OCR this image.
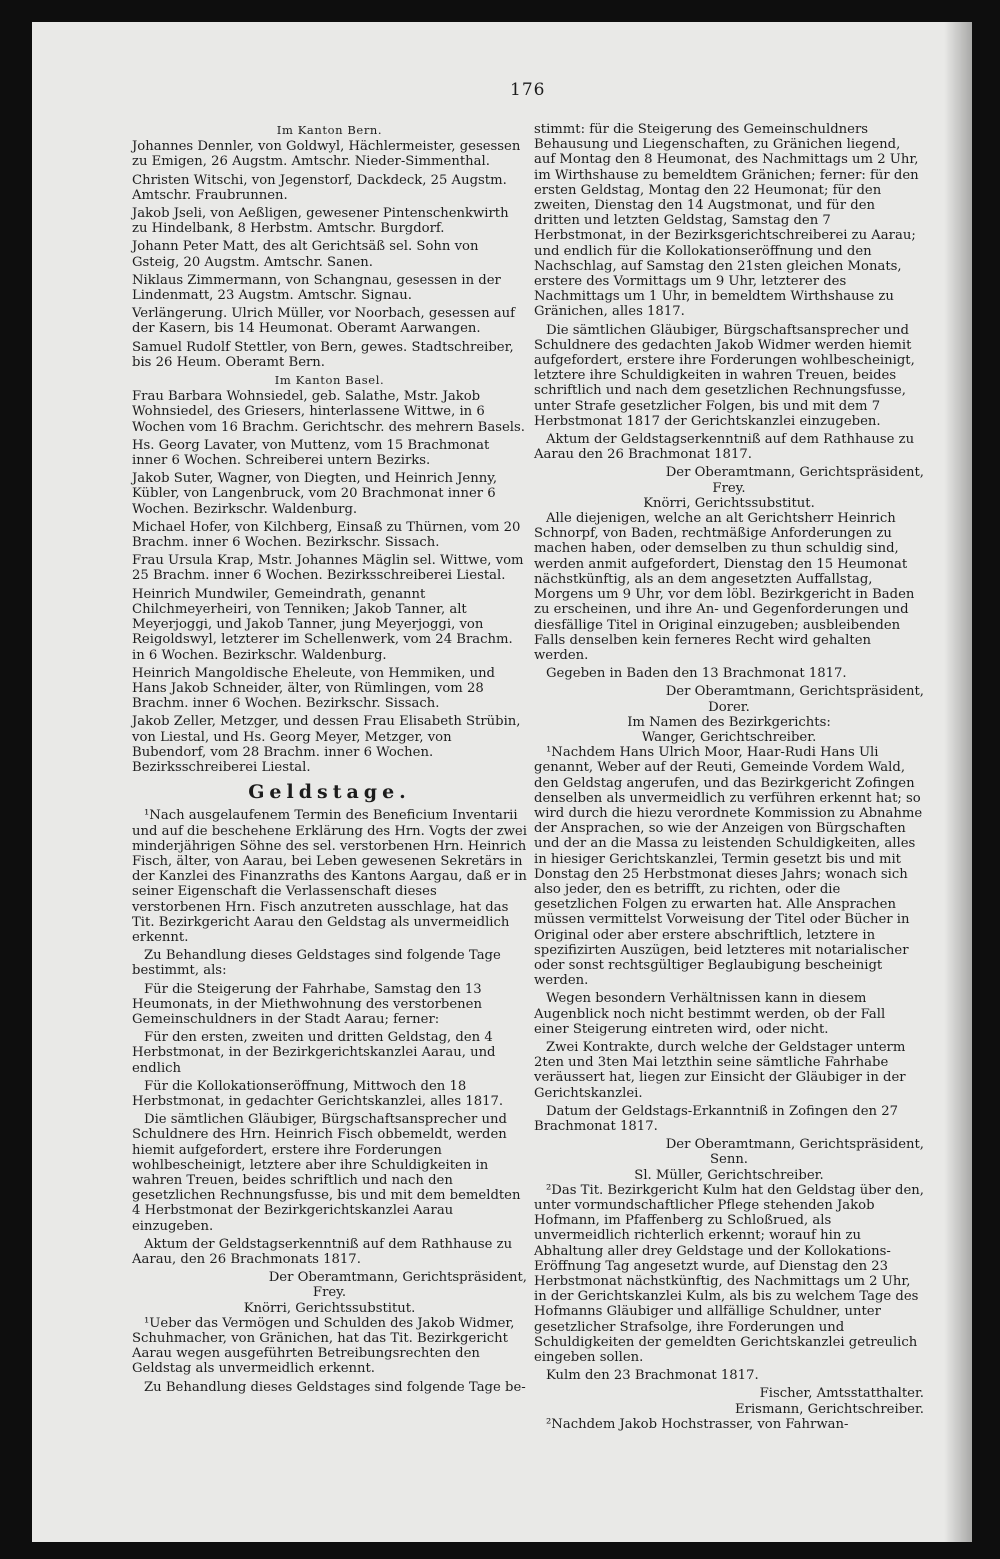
176
Im Kanton Bern.
Johannes Dennler, von Goldwyl, Hächlermeister, gesessen zu Emigen, 26 Augstm. Amtschr. Nieder-Simmenthal.
Christen Witschi, von Jegenstorf, Dackdeck, 25 Augstm. Amtschr. Fraubrunnen.
Jakob Jseli, von Aeßligen, gewesener Pintenschenkwirth zu Hindelbank, 8 Herbstm. Amtschr. Burgdorf.
Johann Peter Matt, des alt Gerichtsäß sel. Sohn von Gsteig, 20 Augstm. Amtschr. Sanen.
Niklaus Zimmermann, von Schangnau, gesessen in der Lindenmatt, 23 Augstm. Amtschr. Signau.
Verlängerung. Ulrich Müller, vor Noorbach, gesessen auf der Kasern, bis 14 Heumonat. Oberamt Aarwangen.
Samuel Rudolf Stettler, von Bern, gewes. Stadtschreiber, bis 26 Heum. Oberamt Bern.
Im Kanton Basel.
Frau Barbara Wohnsiedel, geb. Salathe, Mstr. Jakob Wohnsiedel, des Griesers, hinterlassene Wittwe, in 6 Wochen vom 16 Brachm. Gerichtschr. des mehrern Basels.
Hs. Georg Lavater, von Muttenz, vom 15 Brachmonat inner 6 Wochen. Schreiberei untern Bezirks.
Jakob Suter, Wagner, von Diegten, und Heinrich Jenny, Kübler, von Langenbruck, vom 20 Brachmonat inner 6 Wochen. Bezirkschr. Waldenburg.
Michael Hofer, von Kilchberg, Einsaß zu Thürnen, vom 20 Brachm. inner 6 Wochen. Bezirkschr. Sissach.
Frau Ursula Krap, Mstr. Johannes Mäglin sel. Wittwe, vom 25 Brachm. inner 6 Wochen. Bezirksschreiberei Liestal.
Heinrich Mundwiler, Gemeindrath, genannt Chilchmeyerheiri, von Tenniken; Jakob Tanner, alt Meyerjoggi, und Jakob Tanner, jung Meyerjoggi, von Reigoldswyl, letzterer im Schellenwerk, vom 24 Brachm. in 6 Wochen. Bezirkschr. Waldenburg.
Heinrich Mangoldische Eheleute, von Hemmiken, und Hans Jakob Schneider, älter, von Rümlingen, vom 28 Brachm. inner 6 Wochen. Bezirkschr. Sissach.
Jakob Zeller, Metzger, und dessen Frau Elisabeth Strübin, von Liestal, und Hs. Georg Meyer, Metzger, von Bubendorf, vom 28 Brachm. inner 6 Wochen. Bezirksschreiberei Liestal.
Geldstage.

¹Nach ausgelaufenem Termin des Beneficium Inventarii und auf die beschehene Erklärung des Hrn. Vogts der zwei minderjährigen Söhne des sel. verstorbenen Hrn. Heinrich Fisch, älter, von Aarau, bei Leben gewesenen Sekretärs in der Kanzlei des Finanzraths des Kantons Aargau, daß er in seiner Eigenschaft die Verlassenschaft dieses verstorbenen Hrn. Fisch anzutreten ausschlage, hat das Tit. Bezirkgericht Aarau den Geldstag als unvermeidlich erkennt.

Zu Behandlung dieses Geldstages sind folgende Tage bestimmt, als:

Für die Steigerung der Fahrhabe, Samstag den 13 Heumonats, in der Miethwohnung des verstorbenen Gemeinschuldners in der Stadt Aarau; ferner:

Für den ersten, zweiten und dritten Geldstag, den 4 Herbstmonat, in der Bezirkgerichtskanzlei Aarau, und endlich

Für die Kollokationseröffnung, Mittwoch den 18 Herbstmonat, in gedachter Gerichtskanzlei, alles 1817.

Die sämtlichen Gläubiger, Bürgschaftsansprecher und Schuldnere des Hrn. Heinrich Fisch obbemeldt, werden hiemit aufgefordert, erstere ihre Forderungen wohlbescheinigt, letztere aber ihre Schuldigkeiten in wahren Treuen, beides schriftlich und nach den gesetzlichen Rechnungsfusse, bis und mit dem bemeldten 4 Herbstmonat der Bezirkgerichtskanzlei Aarau einzugeben.

Aktum der Geldstagserkenntniß auf dem Rathhause zu Aarau, den 26 Brachmonats 1817.

Der Oberamtmann, Gerichtspräsident,

Frey.

Knörri, Gerichtssubstitut.

¹Ueber das Vermögen und Schulden des Jakob Widmer, Schuhmacher, von Gränichen, hat das Tit. Bezirkgericht Aarau wegen ausgeführten Betreibungsrechten den Geldstag als unvermeidlich erkennt.

Zu Behandlung dieses Geldstages sind folgende Tage be-

stimmt: für die Steigerung des Gemeinschuldners Behausung und Liegenschaften, zu Gränichen liegend, auf Montag den 8 Heumonat, des Nachmittags um 2 Uhr, im Wirthshause zu bemeldtem Gränichen; ferner: für den ersten Geldstag, Montag den 22 Heumonat; für den zweiten, Dienstag den 14 Augstmonat, und für den dritten und letzten Geldstag, Samstag den 7 Herbstmonat, in der Bezirksgerichtschreiberei zu Aarau; und endlich für die Kollokationseröffnung und den Nachschlag, auf Samstag den 21sten gleichen Monats, erstere des Vormittags um 9 Uhr, letzterer des Nachmittags um 1 Uhr, in bemeldtem Wirthshause zu Gränichen, alles 1817.

Die sämtlichen Gläubiger, Bürgschaftsansprecher und Schuldnere des gedachten Jakob Widmer werden hiemit aufgefordert, erstere ihre Forderungen wohlbescheinigt, letztere ihre Schuldigkeiten in wahren Treuen, beides schriftlich und nach dem gesetzlichen Rechnungsfusse, unter Strafe gesetzlicher Folgen, bis und mit dem 7 Herbstmonat 1817 der Gerichtskanzlei einzugeben.

Aktum der Geldstagserkenntniß auf dem Rathhause zu Aarau den 26 Brachmonat 1817.

Der Oberamtmann, Gerichtspräsident,

Frey.

Knörri, Gerichtssubstitut.

Alle diejenigen, welche an alt Gerichtsherr Heinrich Schnorpf, von Baden, rechtmäßige Anforderungen zu machen haben, oder demselben zu thun schuldig sind, werden anmit aufgefordert, Dienstag den 15 Heumonat nächstkünftig, als an dem angesetzten Auffallstag, Morgens um 9 Uhr, vor dem löbl. Bezirkgericht in Baden zu erscheinen, und ihre An- und Gegenforderungen und diesfällige Titel in Original einzugeben; ausbleibenden Falls denselben kein ferneres Recht wird gehalten werden.

Gegeben in Baden den 13 Brachmonat 1817.

Der Oberamtmann, Gerichtspräsident,

Dorer.

Im Namen des Bezirkgerichts:

Wanger, Gerichtschreiber.

¹Nachdem Hans Ulrich Moor, Haar-Rudi Hans Uli genannt, Weber auf der Reuti, Gemeinde Vordem Wald, den Geldstag angerufen, und das Bezirkgericht Zofingen denselben als unvermeidlich zu verführen erkennt hat; so wird durch die hiezu verordnete Kommission zu Abnahme der Ansprachen, so wie der Anzeigen von Bürgschaften und der an die Massa zu leistenden Schuldigkeiten, alles in hiesiger Gerichtskanzlei, Termin gesetzt bis und mit Donstag den 25 Herbstmonat dieses Jahrs; wonach sich also jeder, den es betrifft, zu richten, oder die gesetzlichen Folgen zu erwarten hat. Alle Ansprachen müssen vermittelst Vorweisung der Titel oder Bücher in Original oder aber erstere abschriftlich, letztere in spezifizirten Auszügen, beid letzteres mit notarialischer oder sonst rechtsgültiger Beglaubigung bescheinigt werden.

Wegen besondern Verhältnissen kann in diesem Augenblick noch nicht bestimmt werden, ob der Fall einer Steigerung eintreten wird, oder nicht.

Zwei Kontrakte, durch welche der Geldstager unterm 2ten und 3ten Mai letzthin seine sämtliche Fahrhabe veräussert hat, liegen zur Einsicht der Gläubiger in der Gerichtskanzlei.

Datum der Geldstags-Erkanntniß in Zofingen den 27 Brachmonat 1817.

Der Oberamtmann, Gerichtspräsident,

Senn.

Sl. Müller, Gerichtschreiber.

²Das Tit. Bezirkgericht Kulm hat den Geldstag über den, unter vormundschaftlicher Pflege stehenden Jakob Hofmann, im Pfaffenberg zu Schloßrued, als unvermeidlich richterlich erkennt; worauf hin zu Abhaltung aller drey Geldstage und der Kollokations-Eröffnung Tag angesetzt wurde, auf Dienstag den 23 Herbstmonat nächstkünftig, des Nachmittags um 2 Uhr, in der Gerichtskanzlei Kulm, als bis zu welchem Tage des Hofmanns Gläubiger und allfällige Schuldner, unter gesetzlicher Strafsolge, ihre Forderungen und Schuldigkeiten der gemeldten Gerichtskanzlei getreulich eingeben sollen.

Kulm den 23 Brachmonat 1817.

Fischer, Amtsstatthalter.

Erismann, Gerichtschreiber.

²Nachdem Jakob Hochstrasser, von Fahrwan-
